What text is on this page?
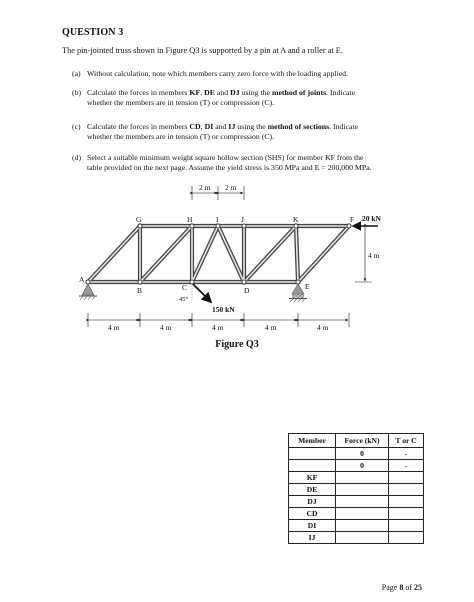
QUESTION 3
The pin-jointed truss shown in Figure Q3 is supported by a pin at A and a roller at E.
(a) Without calculation, note which members carry zero force with the loading applied.
(b) Calculate the forces in members KF, DE and DJ using the method of joints. Indicate
whether the members are in tension (T) or compression (C).
(c) Calculate the forces in members CD, DI and IJ using the method of sections. Indicate
whether the members are in tension (T) or compression (C).
(d) Select a suitable minimum weight square hollow section (SHS) for member KF from the
table provided on the next page. Assume the yield stress is 350 MPa and E = 200,000 MPa.
A
B	C	D	E
F
G	H	I	J	K
2 m 2 m
4 m
20 kN
45°
150 kN
4 m	4 m	4 m	4 m	4 m
Figure Q3
Member	Force (kN)	T or C
	0	-
	0	-
KF		
DE		
DJ		
CD		
DI		
IJ		
Page 8 of 25
